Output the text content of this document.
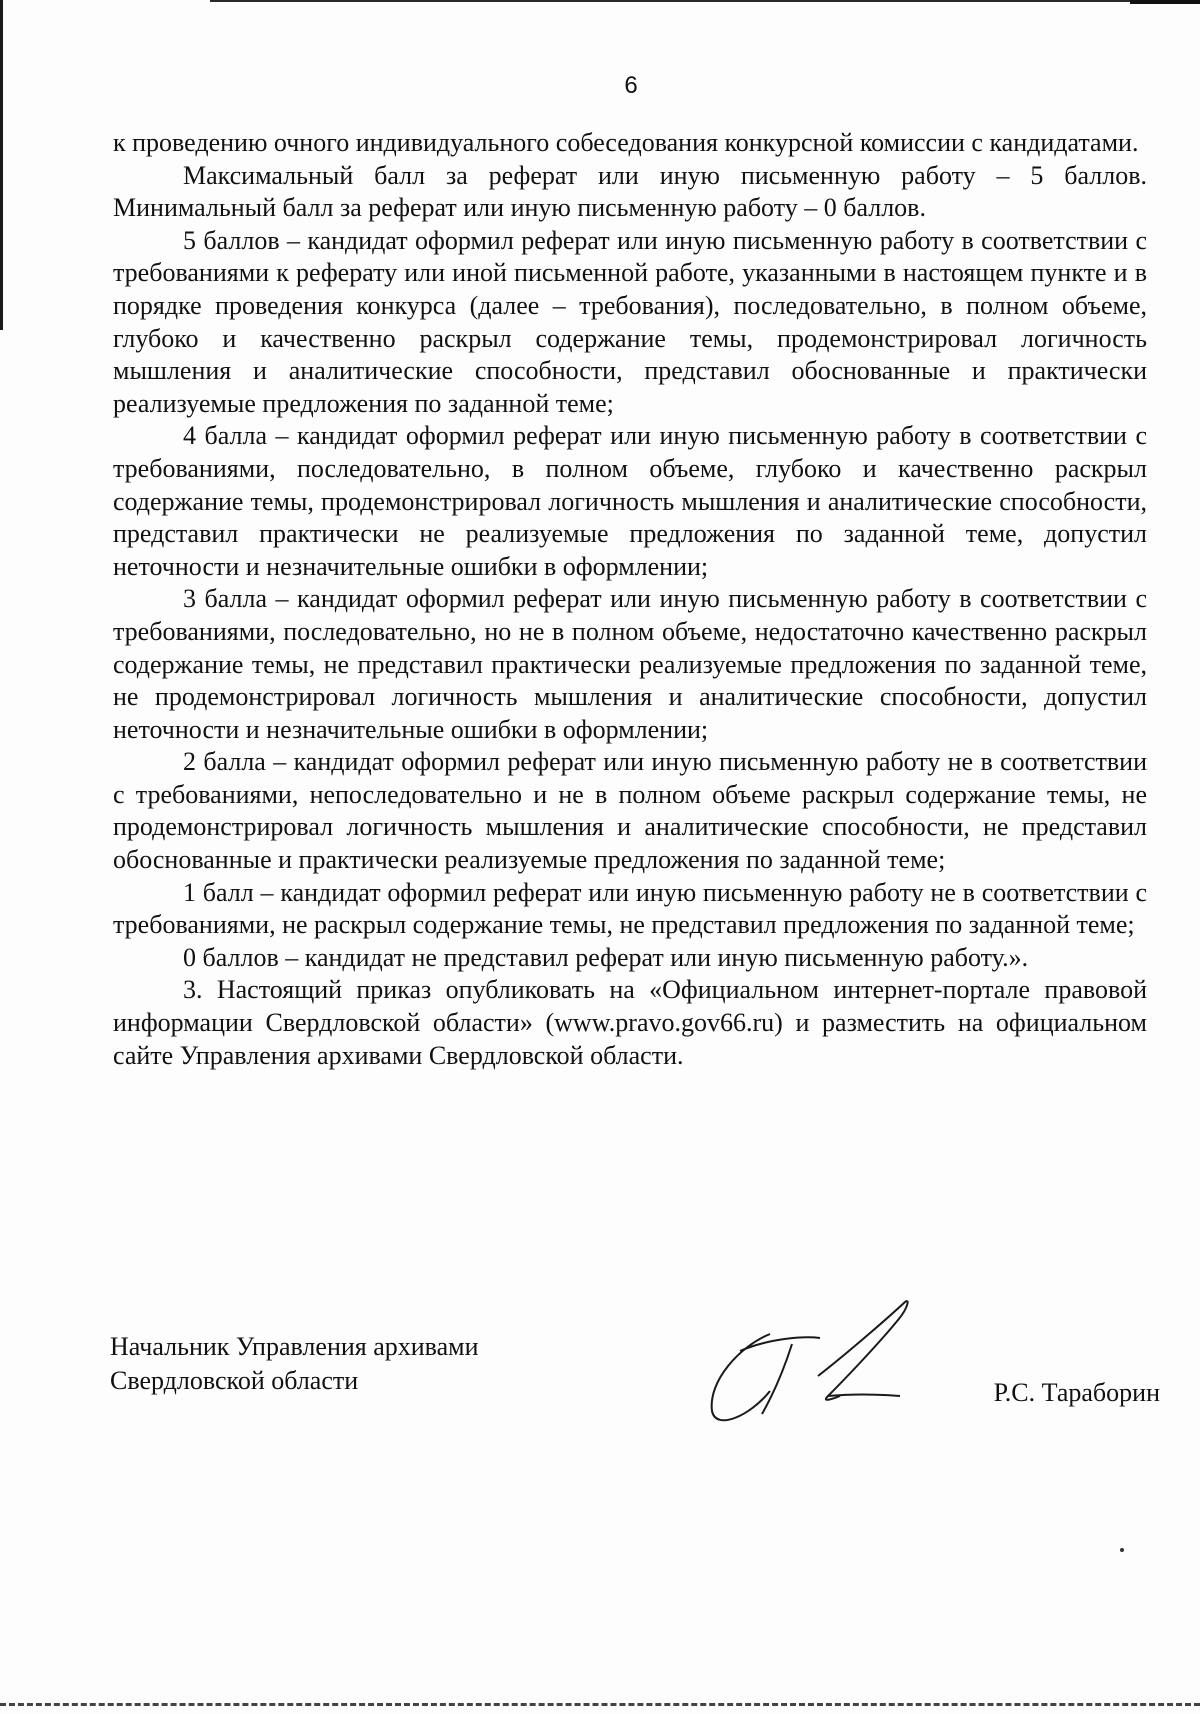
6

к проведению очного индивидуального собеседования конкурсной комиссии с кандидатами.

Максимальный балл за реферат или иную письменную работу – 5 баллов. Минимальный балл за реферат или иную письменную работу – 0 баллов.

5 баллов – кандидат оформил реферат или иную письменную работу в соответствии с требованиями к реферату или иной письменной работе, указанными в настоящем пункте и в порядке проведения конкурса (далее – требования), последовательно, в полном объеме, глубоко и качественно раскрыл содержание темы, продемонстрировал логичность мышления и аналитические способности, представил обоснованные и практически реализуемые предложения по заданной теме;

4 балла – кандидат оформил реферат или иную письменную работу в соответствии с требованиями, последовательно, в полном объеме, глубоко и качественно раскрыл содержание темы, продемонстрировал логичность мышления и аналитические способности, представил практически не реализуемые предложения по заданной теме, допустил неточности и незначительные ошибки в оформлении;

3 балла – кандидат оформил реферат или иную письменную работу в соответствии с требованиями, последовательно, но не в полном объеме, недостаточно качественно раскрыл содержание темы, не представил практически реализуемые предложения по заданной теме, не продемонстрировал логичность мышления и аналитические способности, допустил неточности и незначительные ошибки в оформлении;

2 балла – кандидат оформил реферат или иную письменную работу не в соответствии с требованиями, непоследовательно и не в полном объеме раскрыл содержание темы, не продемонстрировал логичность мышления и аналитические способности, не представил обоснованные и практически реализуемые предложения по заданной теме;

1 балл – кандидат оформил реферат или иную письменную работу не в соответствии с требованиями, не раскрыл содержание темы, не представил предложения по заданной теме;

0 баллов – кандидат не представил реферат или иную письменную работу.».

3. Настоящий приказ опубликовать на «Официальном интернет-портале правовой информации Свердловской области» (www.pravo.gov66.ru) и разместить на официальном сайте Управления архивами Свердловской области.

Начальник Управления архивами
Свердловской области	Р.С. Тараборин
